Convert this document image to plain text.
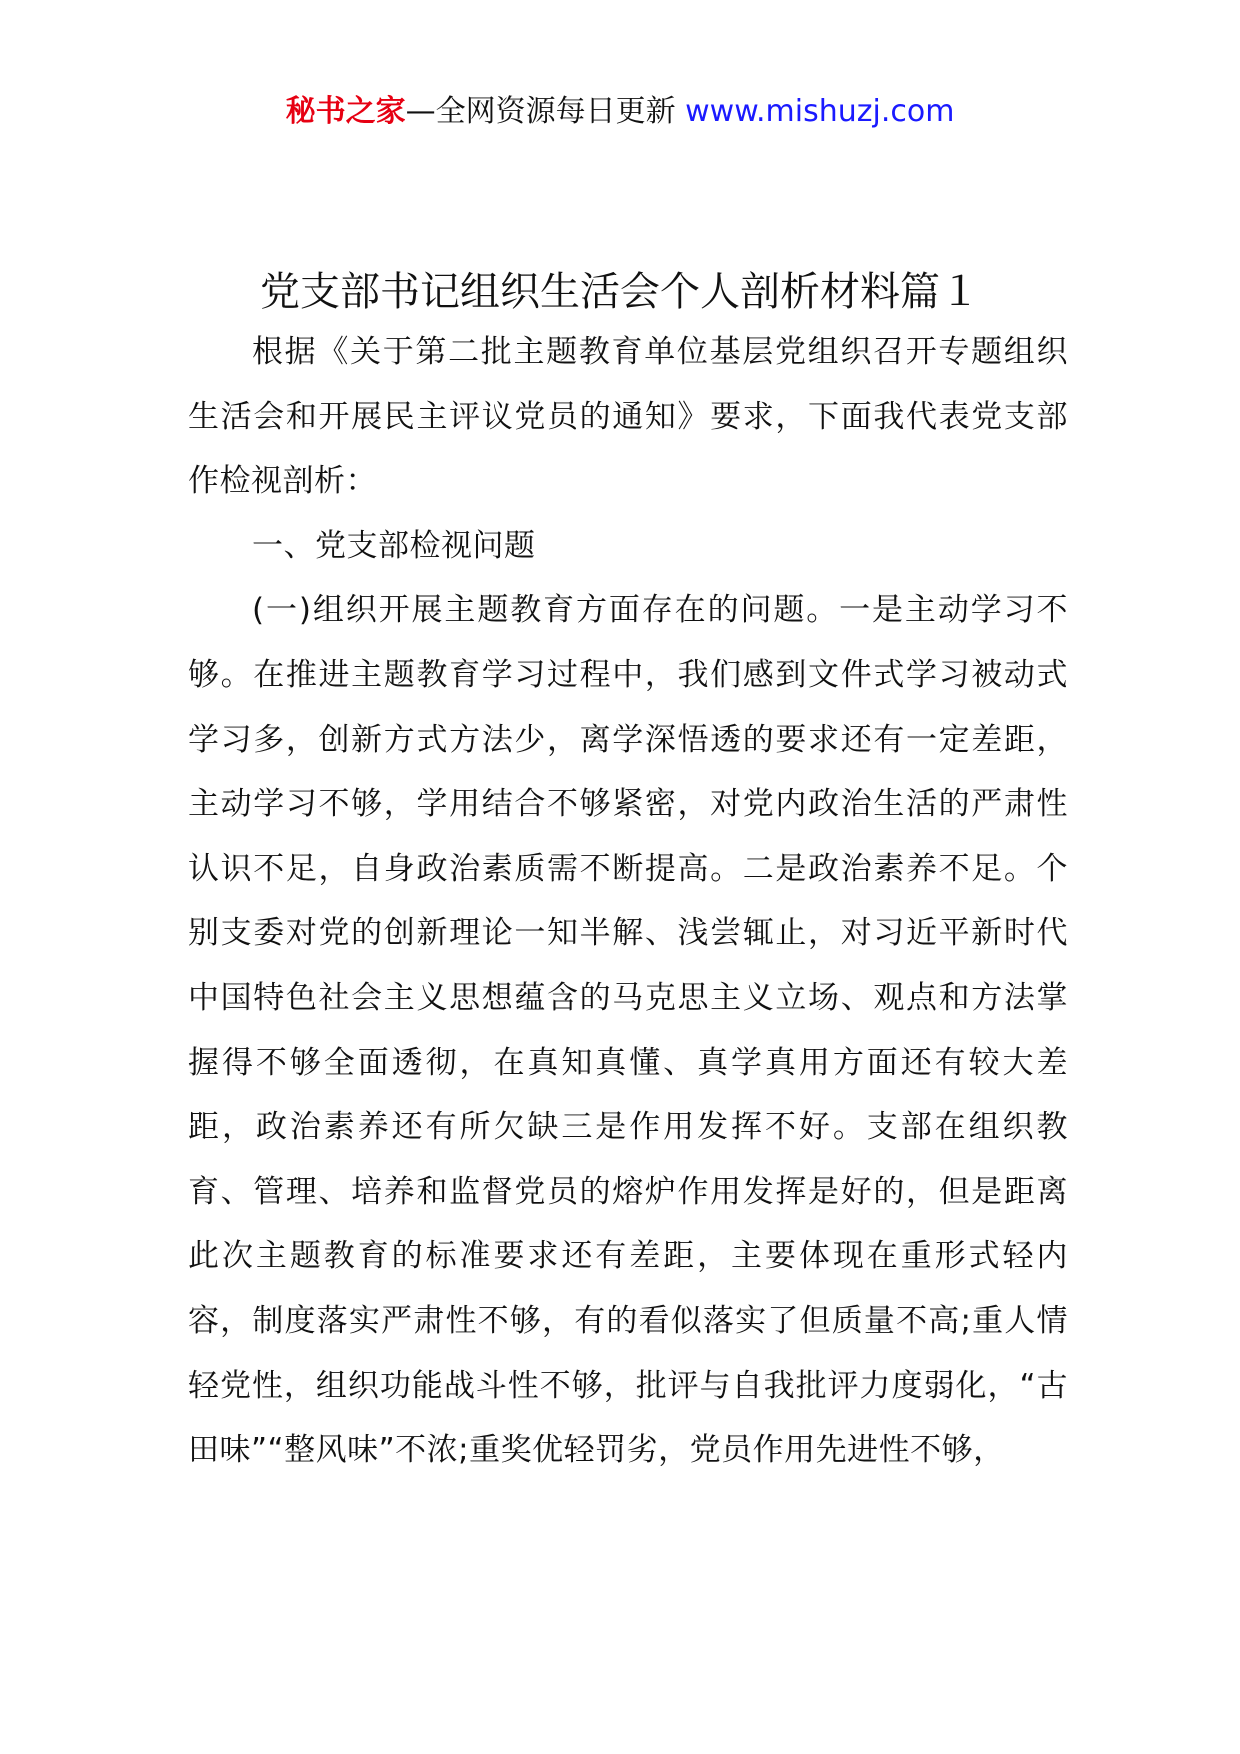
秘书之家—全网资源每日更新 www.mishuzj.com
党支部书记组织生活会个人剖析材料篇１

根据《关于第二批主题教育单位基层党组织召开专题组织生活会和开展民主评议党员的通知》要求，下面我代表党支部作检视剖析：

一、党支部检视问题

(一)组织开展主题教育方面存在的问题。一是主动学习不够。在推进主题教育学习过程中，我们感到文件式学习被动式学习多，创新方式方法少，离学深悟透的要求还有一定差距，主动学习不够，学用结合不够紧密，对党内政治生活的严肃性认识不足，自身政治素质需不断提高。二是政治素养不足。个别支委对党的创新理论一知半解、浅尝辄止，对习近平新时代中国特色社会主义思想蕴含的马克思主义立场、观点和方法掌握得不够全面透彻，在真知真懂、真学真用方面还有较大差距，政治素养还有所欠缺三是作用发挥不好。支部在组织教育、管理、培养和监督党员的熔炉作用发挥是好的，但是距离此次主题教育的标准要求还有差距，主要体现在重形式轻内容，制度落实严肃性不够，有的看似落实了但质量不高;重人情轻党性，组织功能战斗性不够，批评与自我批评力度弱化，“古田味”“整风味”不浓;重奖优轻罚劣，党员作用先进性不够，
